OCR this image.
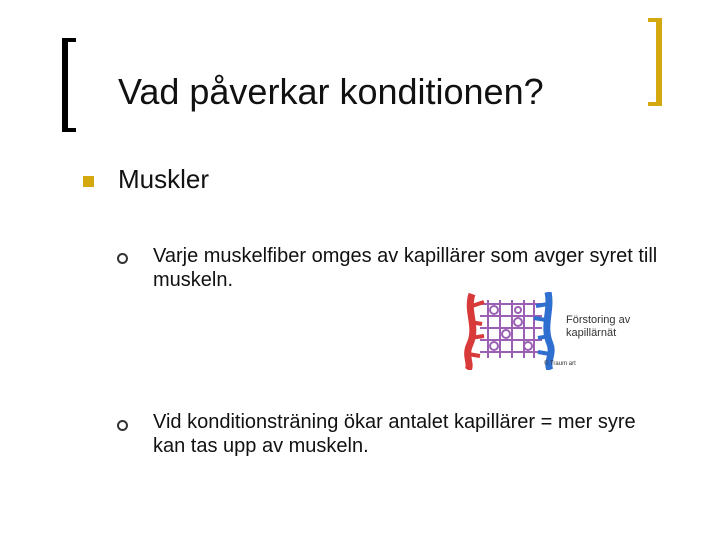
Vad påverkar konditionen?
Muskler
Varje muskelfiber omges av kapillärer som avger syret till muskeln.
Förstoring av kapillärnät
© Traum art
Vid konditionsträning ökar antalet kapillärer = mer syre kan tas upp av muskeln.
